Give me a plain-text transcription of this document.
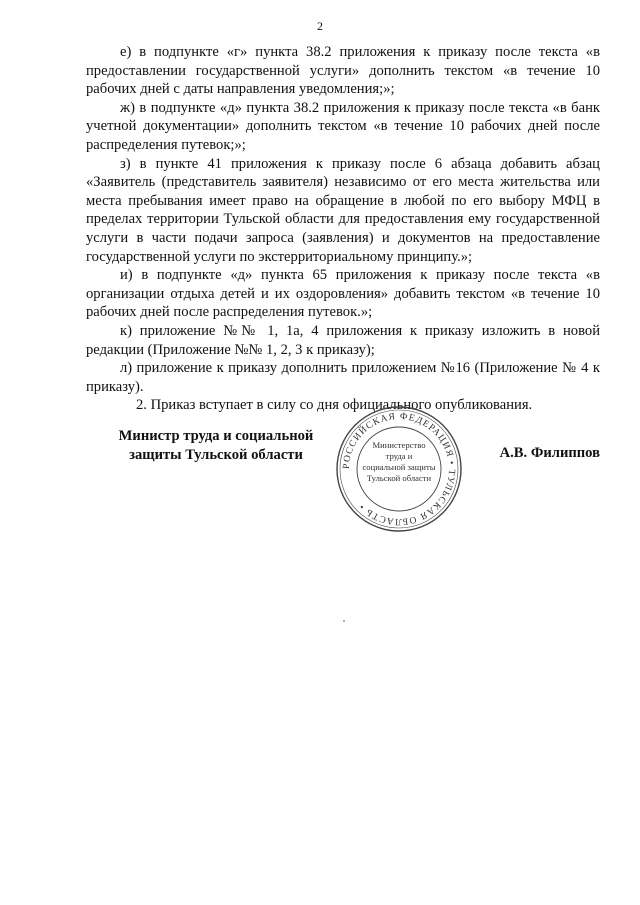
2

е) в подпункте «г» пункта 38.2 приложения к приказу после текста «в предоставлении государственной услуги» дополнить текстом «в течение 10 рабочих дней с даты направления уведомления;»;

ж) в подпункте «д» пункта 38.2 приложения к приказу после текста «в банк учетной документации» дополнить текстом «в течение 10 рабочих дней после распределения путевок;»;

з) в пункте 41 приложения к приказу после 6 абзаца добавить абзац «Заявитель (представитель заявителя) независимо от его места жительства или места пребывания имеет право на обращение в любой по его выбору МФЦ в пределах территории Тульской области для предоставления ему государственной услуги в части подачи запроса (заявления) и документов на предоставление государственной услуги по экстерриториальному принципу.»;

и) в подпункте «д» пункта 65 приложения к приказу после текста «в организации отдыха детей и их оздоровления» добавить текстом «в течение 10 рабочих дней после распределения путевок.»;

к) приложение №№ 1, 1а, 4 приложения к приказу изложить в новой редакции (Приложение №№ 1, 2, 3 к приказу);

л) приложение к приказу дополнить приложением №16 (Приложение № 4 к приказу).

2. Приказ вступает в силу со дня официального опубликования.

Министр труда и социальной
защиты Тульской области
РОССИЙСКАЯ ФЕДЕРАЦИЯ • ТУЛЬСКАЯ ОБЛАСТЬ •
Министерство
труда и
социальной защиты
Тульской области
А.В. Филиппов
